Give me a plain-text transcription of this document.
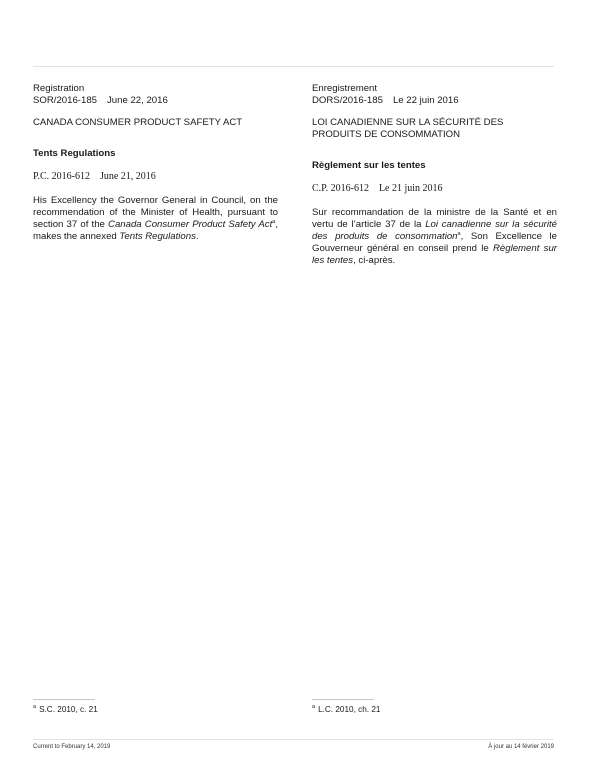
Registration
SOR/2016-185 June 22, 2016
CANADA CONSUMER PRODUCT SAFETY ACT
Tents Regulations
P.C. 2016-612 June 21, 2016
His Excellency the Governor General in Council, on the recommendation of the Minister of Health, pursuant to section 37 of the Canada Consumer Product Safety Act$^a$, makes the annexed Tents Regulations.
Enregistrement
DORS/2016-185 Le 22 juin 2016
LOI CANADIENNE SUR LA SÉCURITÉ DES
PRODUITS DE CONSOMMATION
Règlement sur les tentes
C.P. 2016-612 Le 21 juin 2016
Sur recommandation de la ministre de la Santé et en vertu de l’article 37 de la Loi canadienne sur la sécurité des produits de consommation$^a$, Son Excellence le Gouverneur général en conseil prend le Règlement sur les tentes, ci-après.
$^a$ S.C. 2010, c. 21	$^a$ L.C. 2010, ch. 21
Current to February 14, 2019	À jour au 14 février 2019
